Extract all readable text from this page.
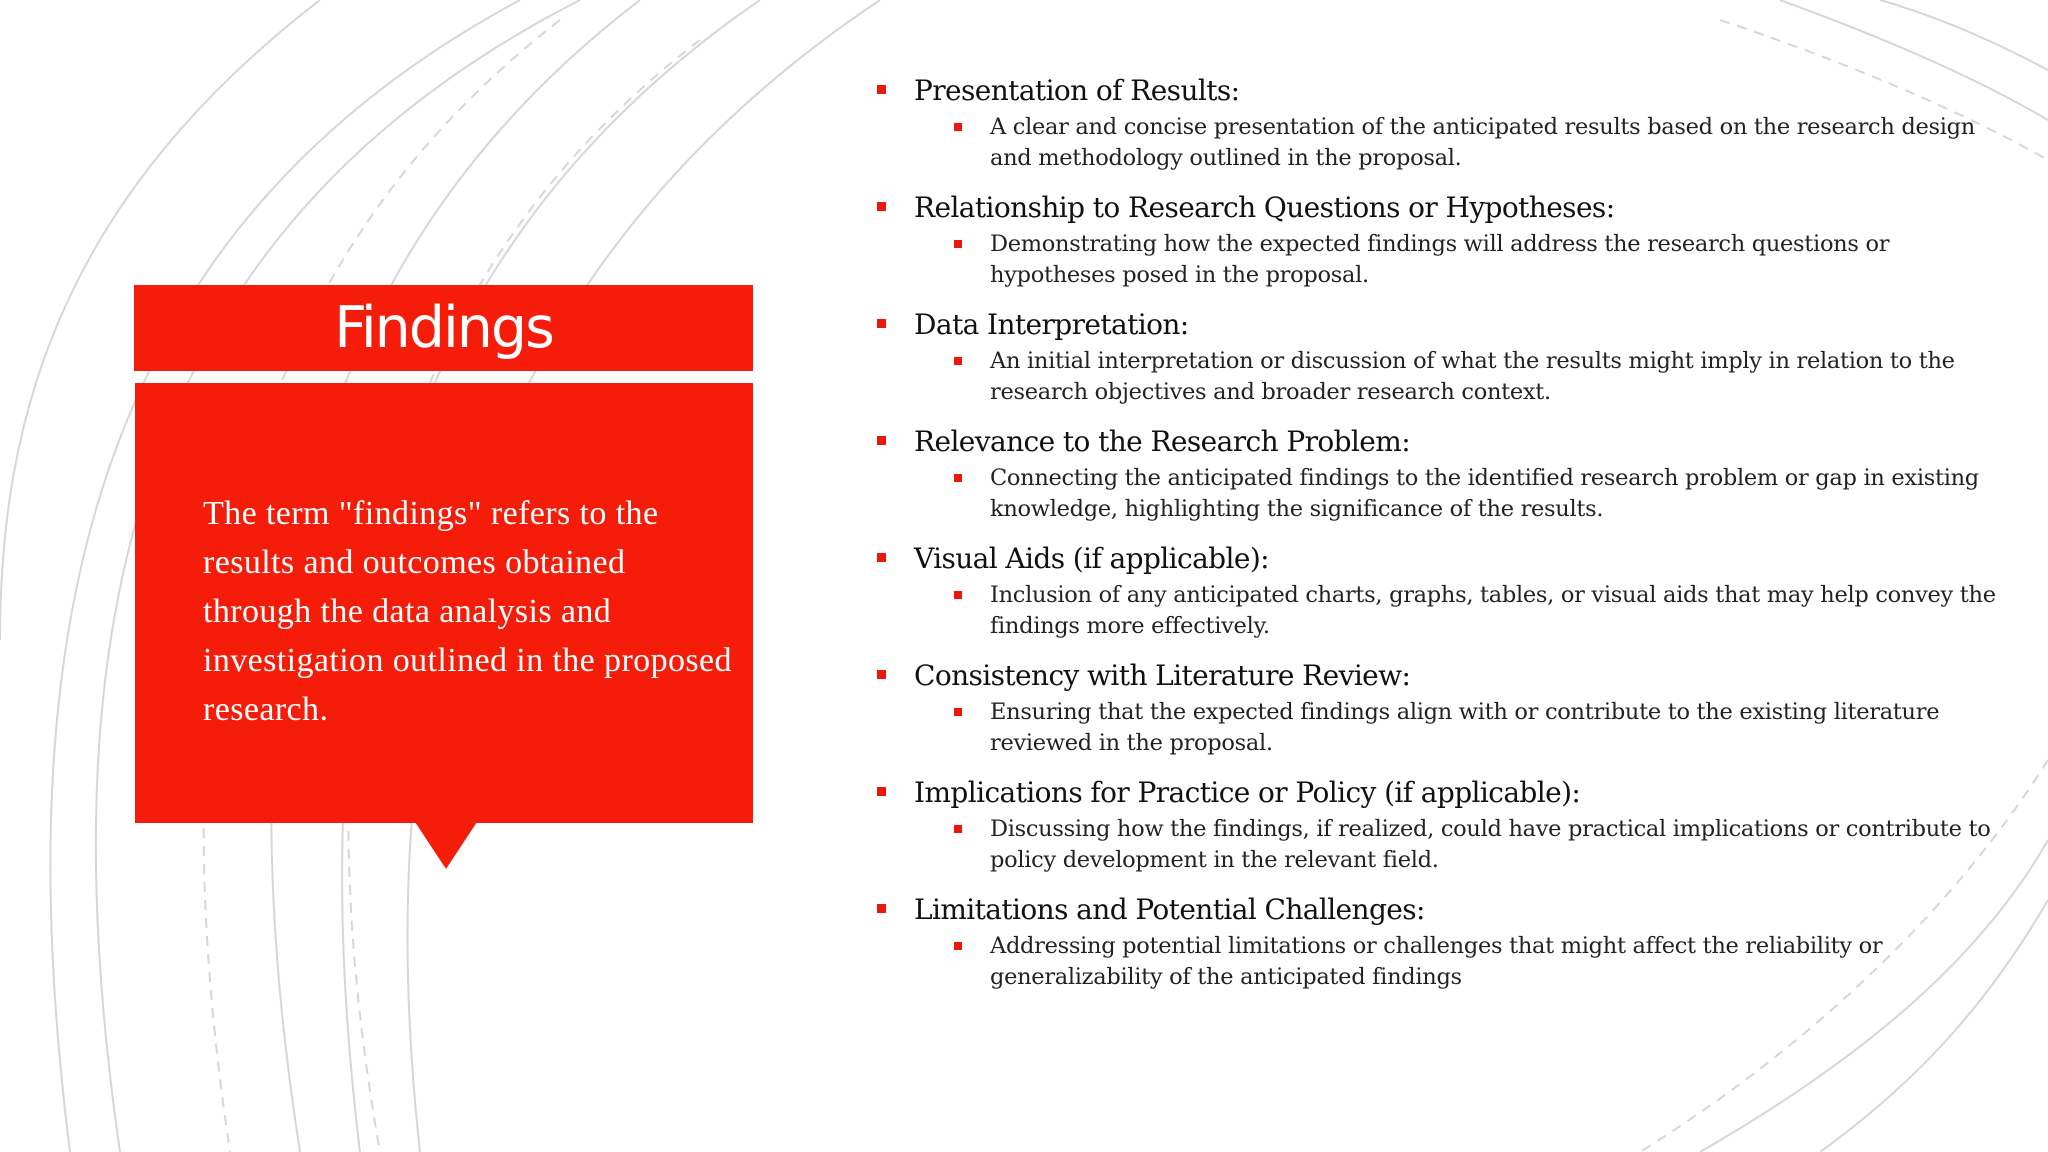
Findings

The term "findings" refers to the results and outcomes obtained through the data analysis and investigation outlined in the proposed research.

Presentation of Results:
A clear and concise presentation of the anticipated results based on the research design and methodology outlined in the proposal.
Relationship to Research Questions or Hypotheses:
Demonstrating how the expected findings will address the research questions or hypotheses posed in the proposal.
Data Interpretation:
An initial interpretation or discussion of what the results might imply in relation to the research objectives and broader research context.
Relevance to the Research Problem:
Connecting the anticipated findings to the identified research problem or gap in existing knowledge, highlighting the significance of the results.
Visual Aids (if applicable):
Inclusion of any anticipated charts, graphs, tables, or visual aids that may help convey the findings more effectively.
Consistency with Literature Review:
Ensuring that the expected findings align with or contribute to the existing literature reviewed in the proposal.
Implications for Practice or Policy (if applicable):
Discussing how the findings, if realized, could have practical implications or contribute to policy development in the relevant field.
Limitations and Potential Challenges:
Addressing potential limitations or challenges that might affect the reliability or generalizability of the anticipated findings
